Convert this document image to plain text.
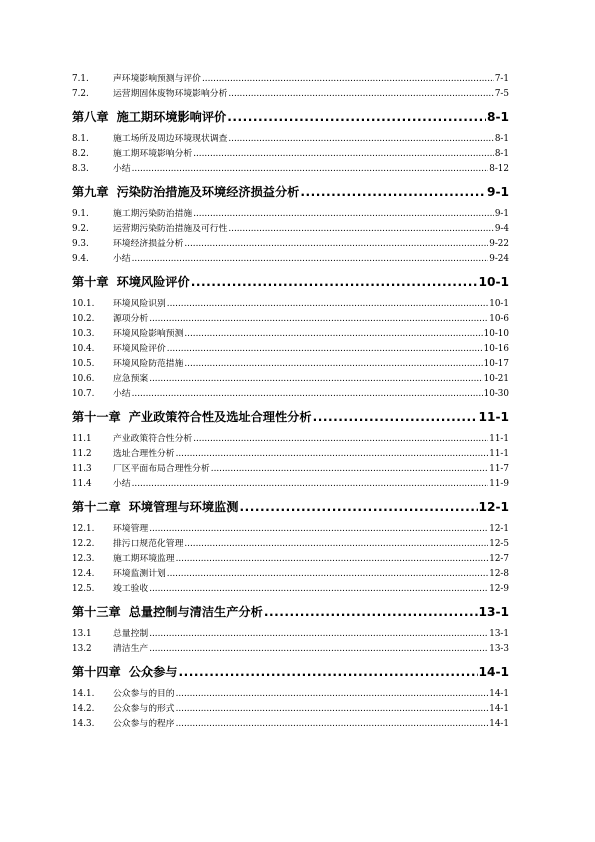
7.1.	声环境影响预测与评价 .....	7-1
7.2.	运营期固体废物环境影响分析 .....	7-5
第八章 施工期环境影响评价 .....	8-1
8.1.	施工场所及周边环境现状调查 .....	8-1
8.2.	施工期环境影响分析 .....	8-1
8.3.	小结 .....	8-12
第九章 污染防治措施及环境经济损益分析 .....	9-1
9.1.	施工期污染防治措施 .....	9-1
9.2.	运营期污染防治措施及可行性 .....	9-4
9.3.	环境经济损益分析 .....	9-22
9.4.	小结 .....	9-24
第十章 环境风险评价 .....	10-1
10.1.	环境风险识别 .....	10-1
10.2.	源项分析 .....	10-6
10.3.	环境风险影响预测 .....	10-10
10.4.	环境风险评价 .....	10-16
10.5.	环境风险防范措施 .....	10-17
10.6.	应急预案 .....	10-21
10.7.	小结 .....	10-30
第十一章 产业政策符合性及选址合理性分析 .....	11-1
11.1	产业政策符合性分析 .....	11-1
11.2	选址合理性分析 .....	11-1
11.3	厂区平面布局合理性分析 .....	11-7
11.4	小结 .....	11-9
第十二章 环境管理与环境监测 .....	12-1
12.1.	环境管理 .....	12-1
12.2.	排污口规范化管理 .....	12-5
12.3.	施工期环境监理 .....	12-7
12.4.	环境监测计划 .....	12-8
12.5.	竣工验收 .....	12-9
第十三章 总量控制与清洁生产分析 .....	13-1
13.1	总量控制 .....	13-1
13.2	清洁生产 .....	13-3
第十四章 公众参与 .....	14-1
14.1.	公众参与的目的 .....	14-1
14.2.	公众参与的形式 .....	14-1
14.3.	公众参与的程序 .....	14-1
